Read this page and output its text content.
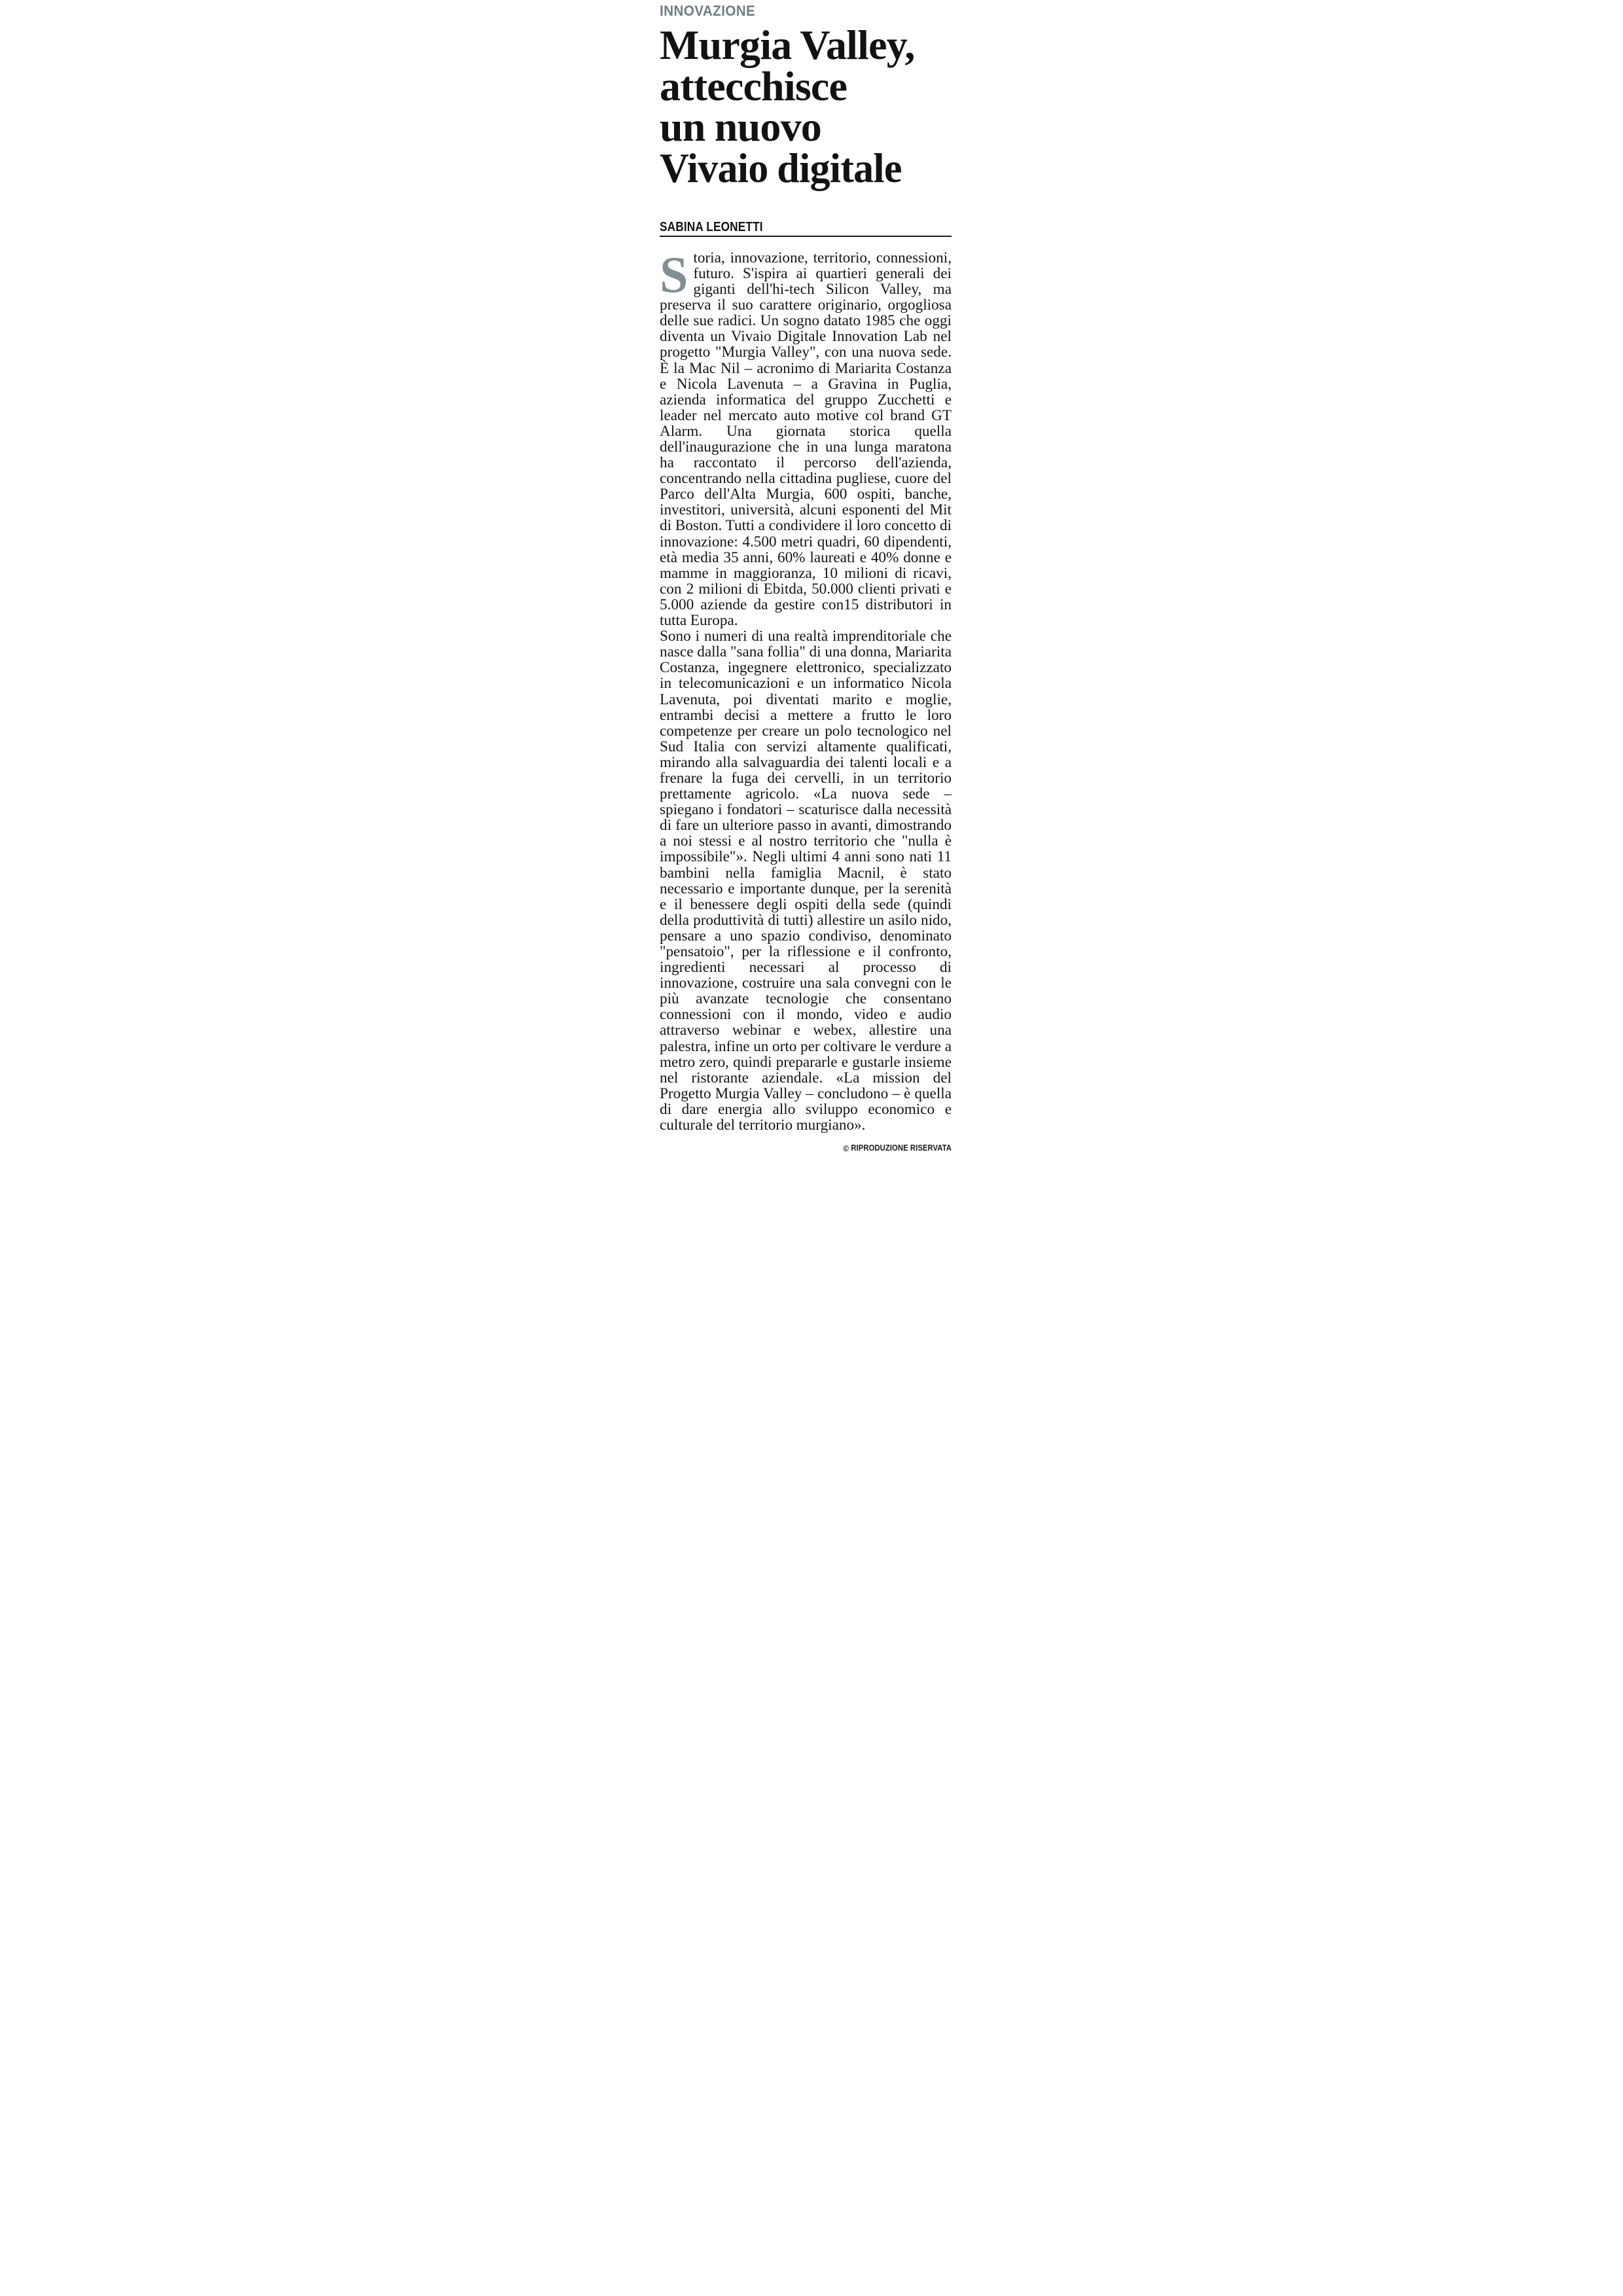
INNOVAZIONE
Murgia Valley,
attecchisce
un nuovo
Vivaio digitale
SABINA LEONETTI

Storia, innovazione, territorio, connessioni, futuro. S'ispira ai quartieri generali dei giganti dell'hi-tech Silicon Valley, ma preserva il suo carattere originario, orgogliosa delle sue radici. Un sogno datato 1985 che oggi diventa un Vivaio Digitale Innovation Lab nel progetto "Murgia Valley", con una nuova sede. È la Mac Nil – acronimo di Mariarita Costanza e Nicola Lavenuta – a Gravina in Puglia, azienda informatica del gruppo Zucchetti e leader nel mercato auto motive col brand GT Alarm. Una giornata storica quella dell'inaugurazione che in una lunga maratona ha raccontato il percorso dell'azienda, concentrando nella cittadina pugliese, cuore del Parco dell'Alta Murgia, 600 ospiti, banche, investitori, università, alcuni esponenti del Mit di Boston. Tutti a condividere il loro concetto di innovazione: 4.500 metri quadri, 60 dipendenti, età media 35 anni, 60% laureati e 40% donne e mamme in maggioranza, 10 milioni di ricavi, con 2 milioni di Ebitda, 50.000 clienti privati e 5.000 aziende da gestire con15 distributori in tutta Europa.

Sono i numeri di una realtà imprenditoriale che nasce dalla "sana follia" di una donna, Mariarita Costanza, ingegnere elettronico, specializzato in telecomunicazioni e un informatico Nicola Lavenuta, poi diventati marito e moglie, entrambi decisi a mettere a frutto le loro competenze per creare un polo tecnologico nel Sud Italia con servizi altamente qualificati, mirando alla salvaguardia dei talenti locali e a frenare la fuga dei cervelli, in un territorio prettamente agricolo. «La nuova sede – spiegano i fondatori – scaturisce dalla necessità di fare un ulteriore passo in avanti, dimostrando a noi stessi e al nostro territorio che "nulla è impossibile"». Negli ultimi 4 anni sono nati 11 bambini nella famiglia Macnil, è stato necessario e importante dunque, per la serenità e il benessere degli ospiti della sede (quindi della produttività di tutti) allestire un asilo nido, pensare a uno spazio condiviso, denominato "pensatoio", per la riflessione e il confronto, ingredienti necessari al processo di innovazione, costruire una sala convegni con le più avanzate tecnologie che consentano connessioni con il mondo, video e audio attraverso webinar e webex, allestire una palestra, infine un orto per coltivare le verdure a metro zero, quindi prepararle e gustarle insieme nel ristorante aziendale. «La mission del Progetto Murgia Valley – concludono – è quella di dare energia allo sviluppo economico e culturale del territorio murgiano».

© RIPRODUZIONE RISERVATA
